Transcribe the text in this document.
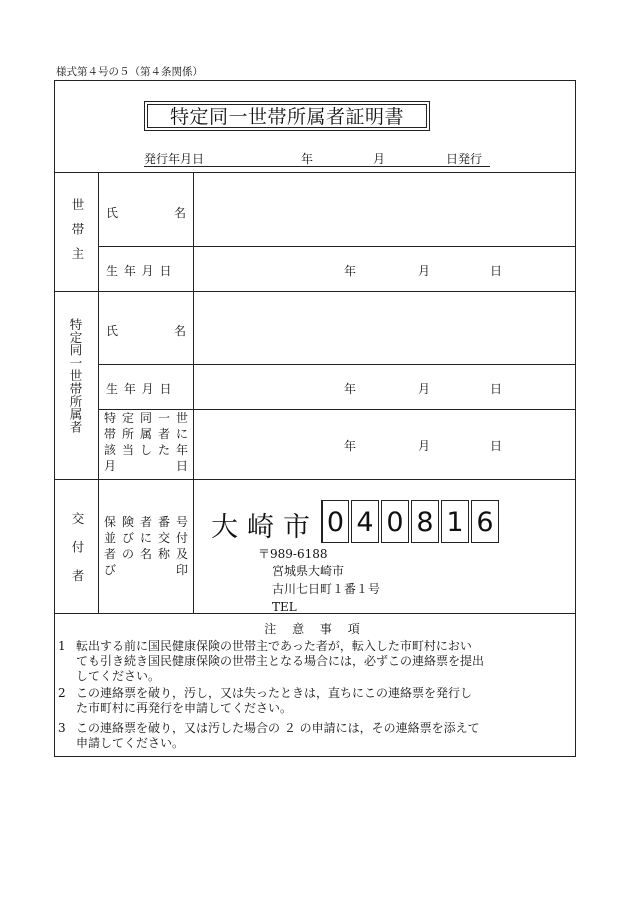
様式第４号の５（第４条関係）
特定同一世帯所属者証明書
発行年月日	年	月	日発行
世帯主 氏	名
生 年 月 日	年	月	日
特定同一世帯所属者 氏	名
生 年 月 日	年	月	日
特定同一世
帯所属者に
該当した年
月　　　日
年	月	日
交付者 保険者番号
並びに交付
者の名称及
び　　　印
大崎市 0 4 0 8 1 6
〒989-6188
宮城県大崎市
古川七日町１番１号
TEL
注 意 事 項
1 転出する前に国民健康保険の世帯主であった者が，転入した市町村におい
ても引き続き国民健康保険の世帯主となる場合には，必ずこの連絡票を提出
してください。
2 この連絡票を破り，汚し，又は失ったときは，直ちにこの連絡票を発行し
た市町村に再発行を申請してください。
3 この連絡票を破り，又は汚した場合の ２ の申請には，その連絡票を添えて
申請してください。
